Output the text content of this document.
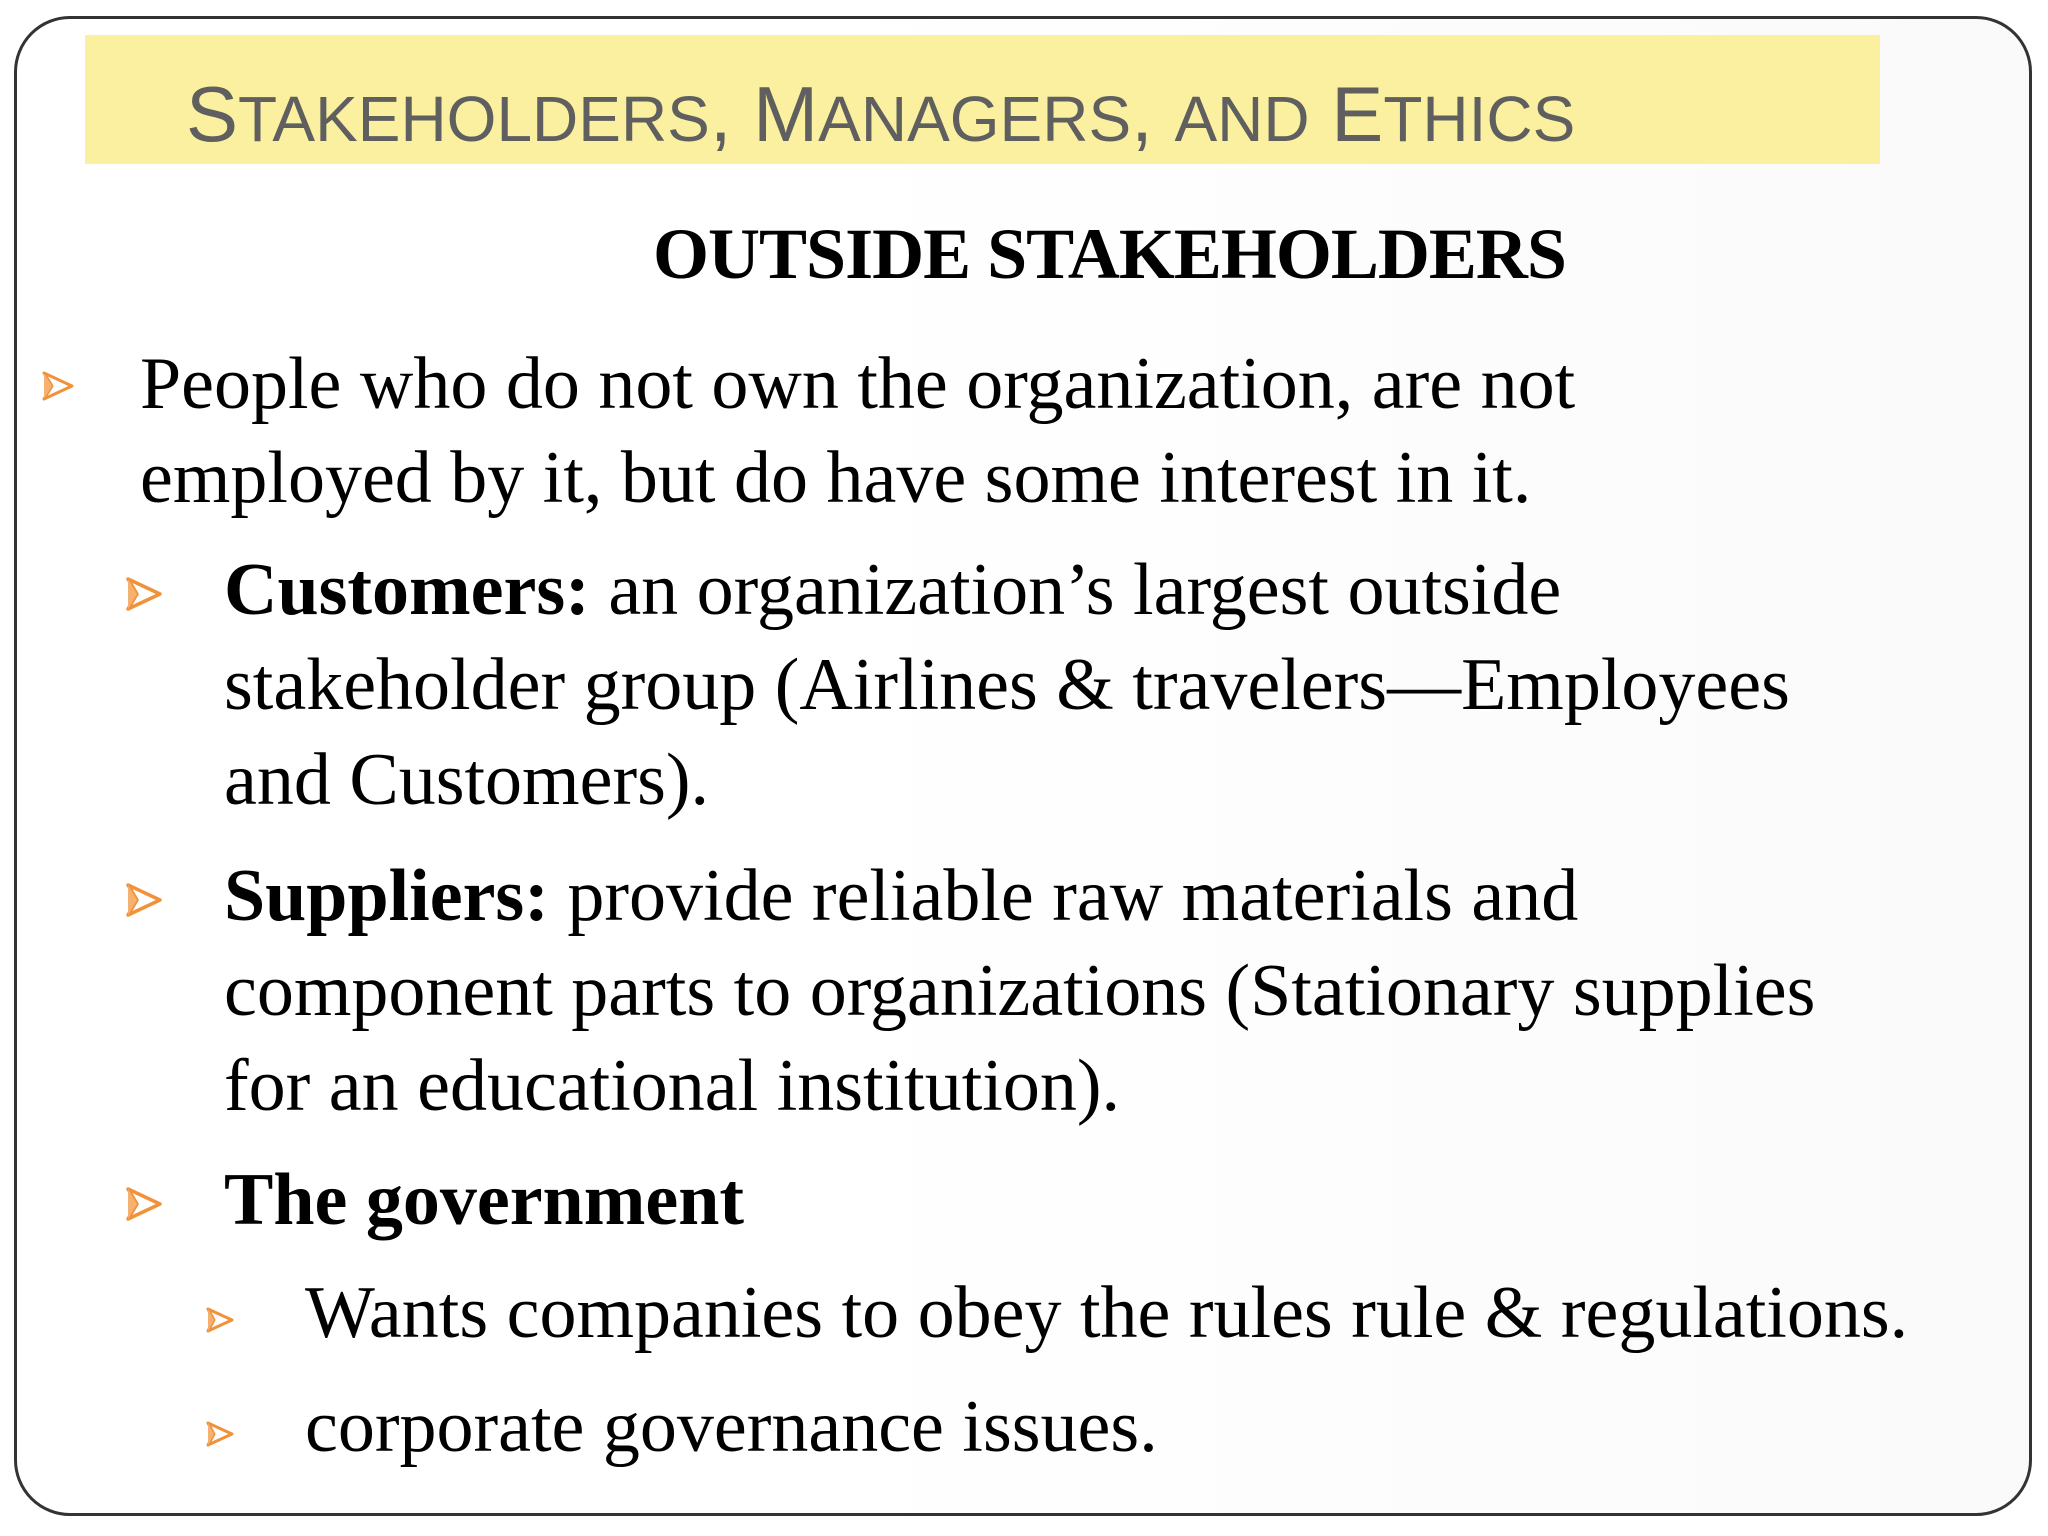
STAKEHOLDERS, MANAGERS, AND ETHICS
OUTSIDE STAKEHOLDERS
People who do not own the organization, are not
employed by it, but do have some interest in it.
Customers: an organization’s largest outside
stakeholder group (Airlines & travelers—Employees
and Customers).
Suppliers: provide reliable raw materials and
component parts to organizations (Stationary supplies
for an educational institution).
The government
Wants companies to obey the rules rule & regulations.
corporate governance issues.
